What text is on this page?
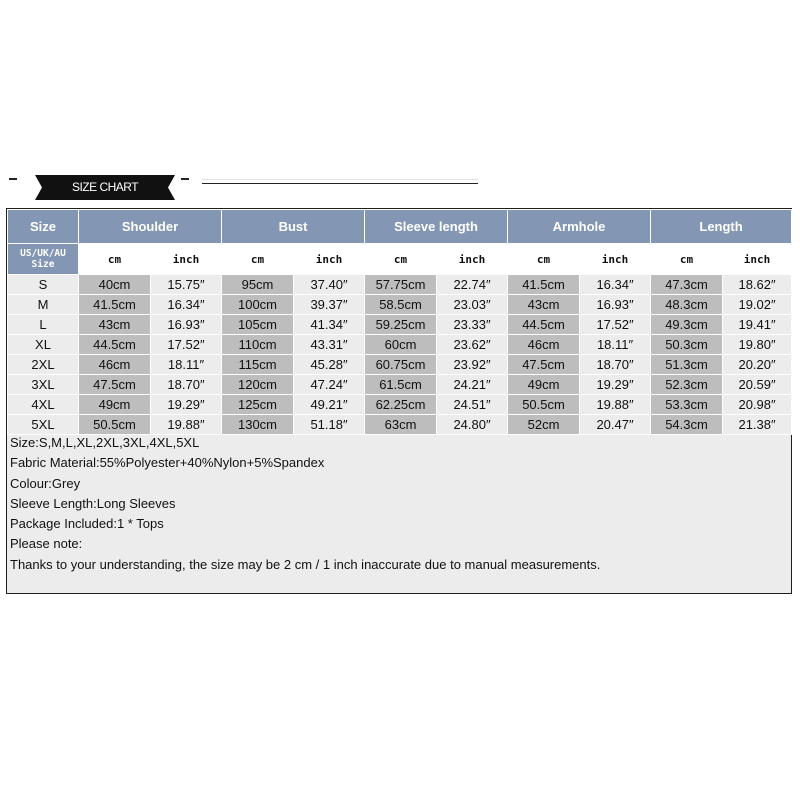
SIZE CHART
Size	Shoulder		Bust		Sleeve length		Armhole		Length	
US/UK/AU
Size	cm	inch	cm	inch	cm	inch	cm	inch	cm	inch
S	40cm	15.75″	95cm	37.40″	57.75cm	22.74″	41.5cm	16.34″	47.3cm	18.62″
M	41.5cm	16.34″	100cm	39.37″	58.5cm	23.03″	43cm	16.93″	48.3cm	19.02″
L	43cm	16.93″	105cm	41.34″	59.25cm	23.33″	44.5cm	17.52″	49.3cm	19.41″
XL	44.5cm	17.52″	110cm	43.31″	60cm	23.62″	46cm	18.11″	50.3cm	19.80″
2XL	46cm	18.11″	115cm	45.28″	60.75cm	23.92″	47.5cm	18.70″	51.3cm	20.20″
3XL	47.5cm	18.70″	120cm	47.24″	61.5cm	24.21″	49cm	19.29″	52.3cm	20.59″
4XL	49cm	19.29″	125cm	49.21″	62.25cm	24.51″	50.5cm	19.88″	53.3cm	20.98″
5XL	50.5cm	19.88″	130cm	51.18″	63cm	24.80″	52cm	20.47″	54.3cm	21.38″
Size:S,M,L,XL,2XL,3XL,4XL,5XL
Fabric Material:55%Polyester+40%Nylon+5%Spandex
Colour:Grey
Sleeve Length:Long Sleeves
Package Included:1 * Tops
Please note:
Thanks to your understanding, the size may be 2 cm / 1 inch inaccurate due to manual measurements.
